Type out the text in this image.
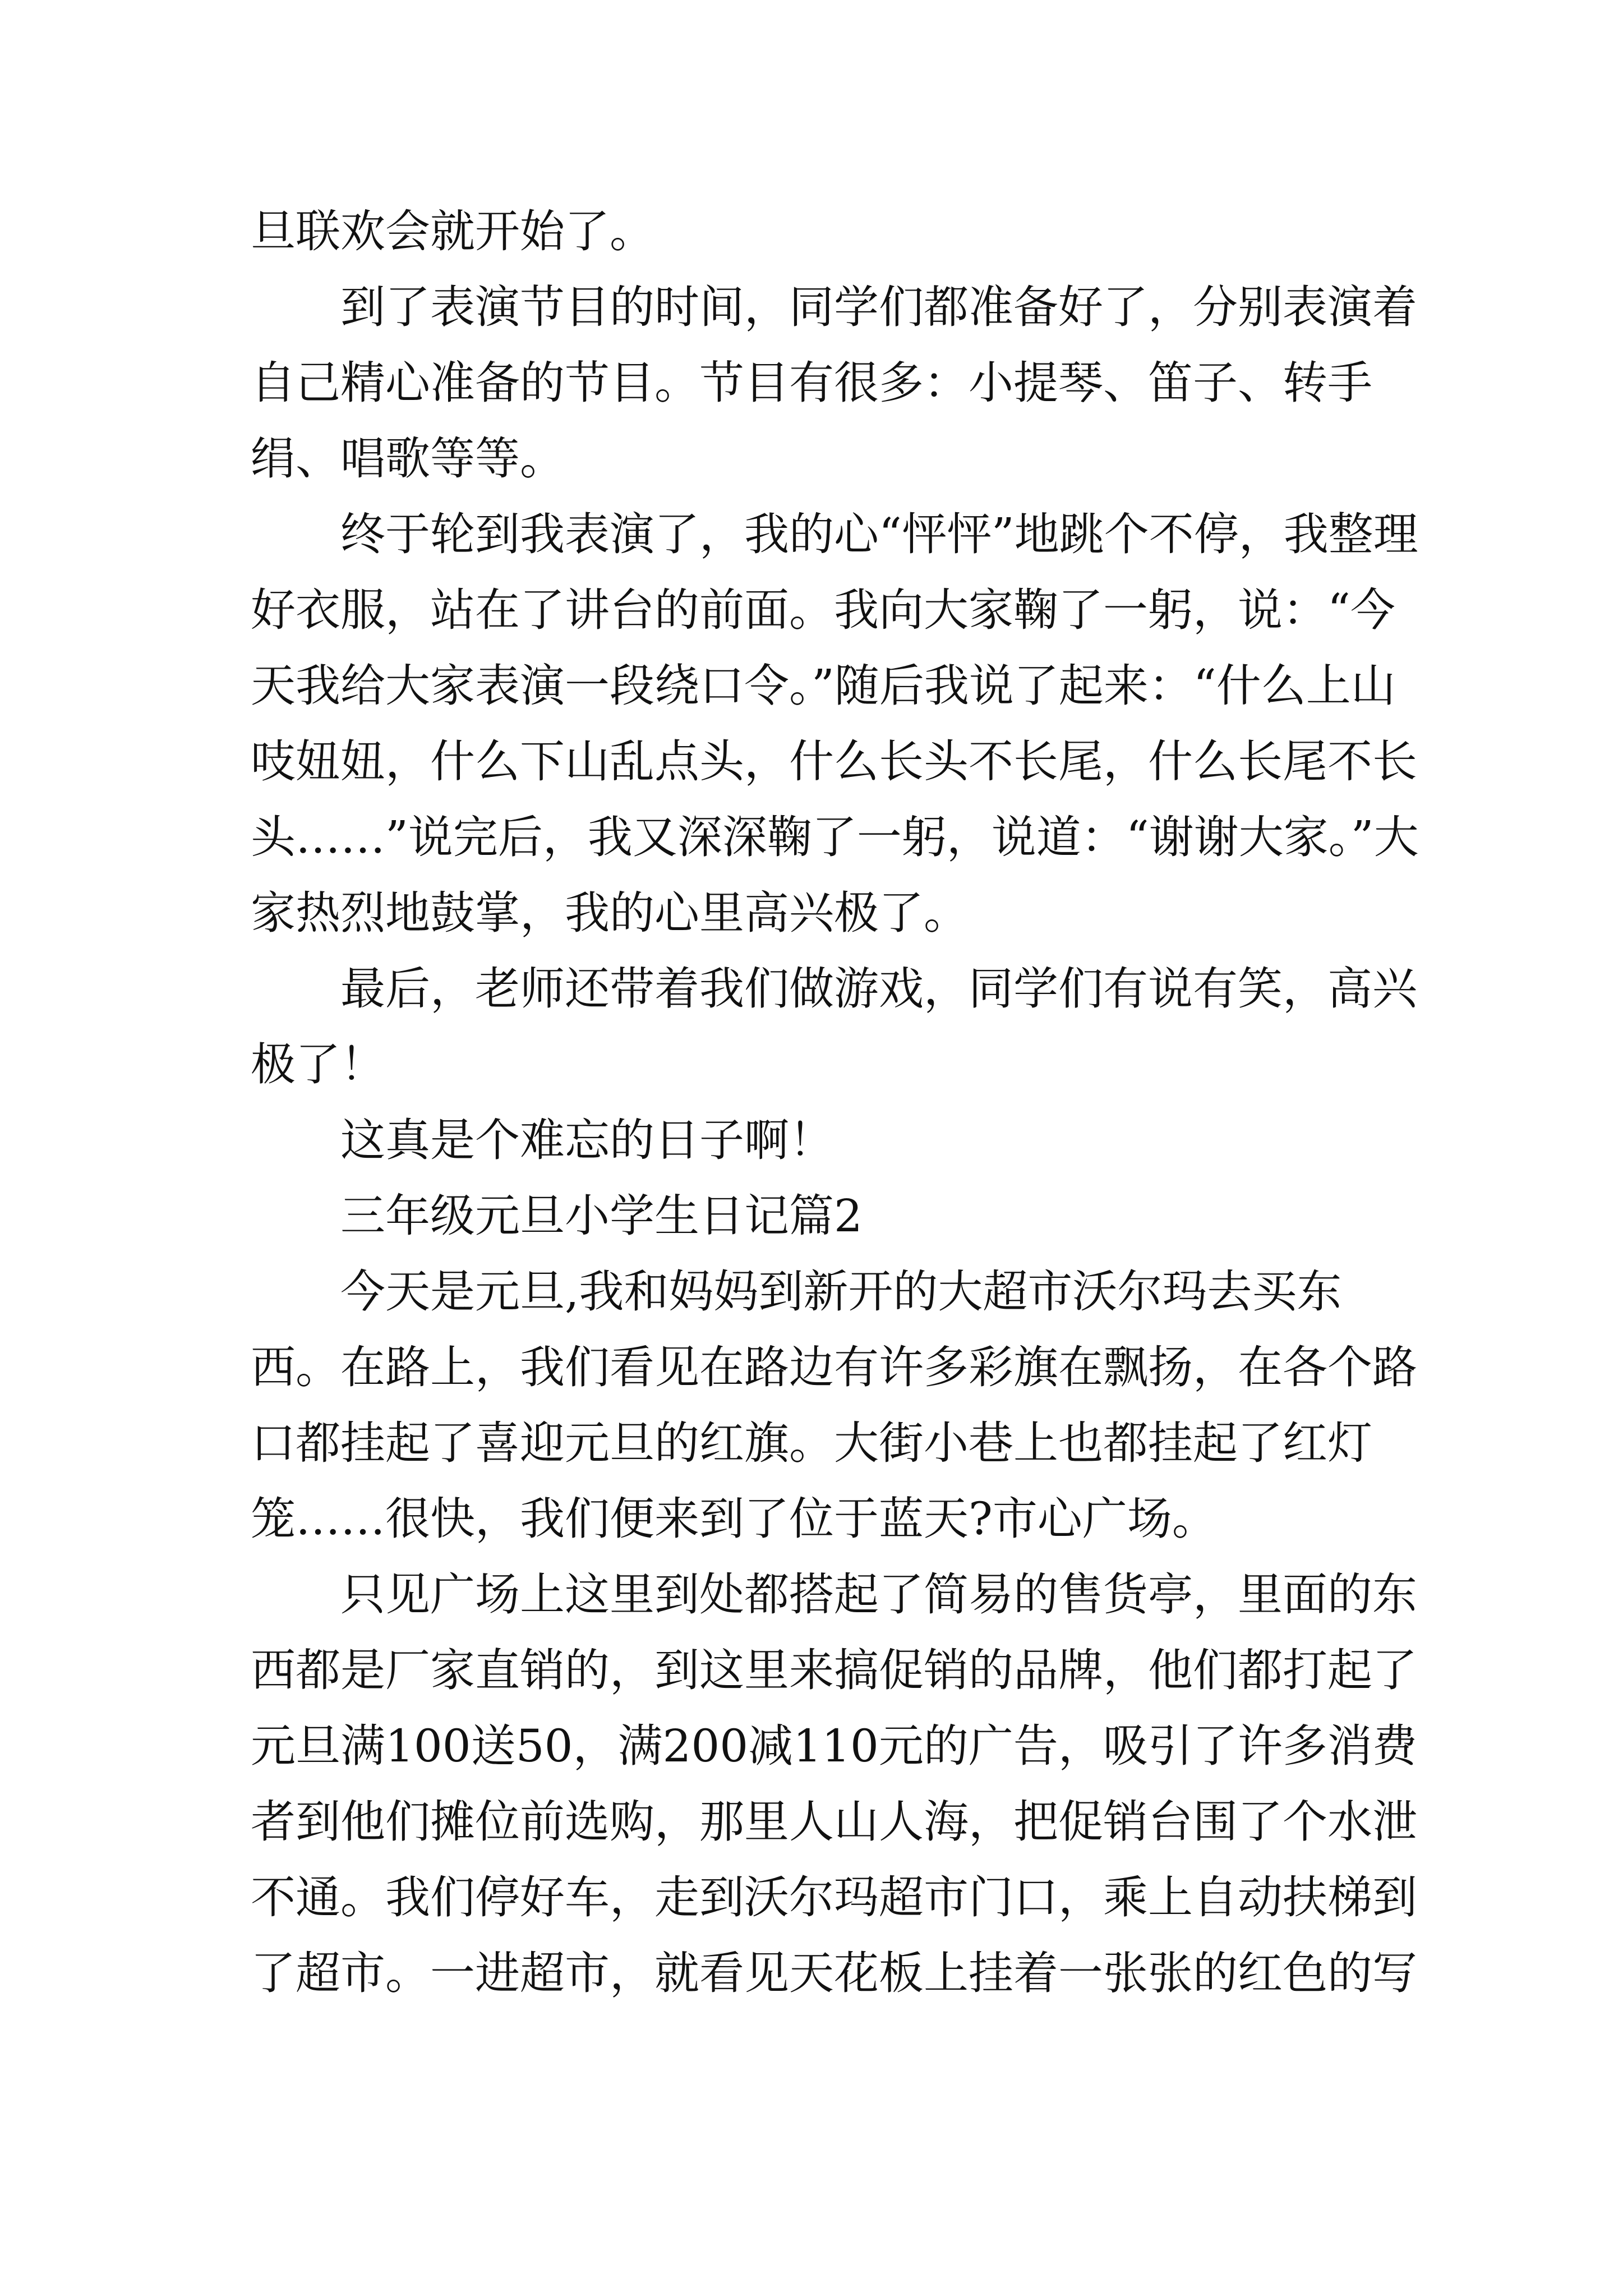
旦联欢会就开始了。

到了表演节目的时间，同学们都准备好了，分别表演着自己精心准备的节目。节目有很多：小提琴、笛子、转手绢、唱歌等等。

终于轮到我表演了，我的心“怦怦”地跳个不停，我整理好衣服，站在了讲台的前面。我向大家鞠了一躬，说：“今天我给大家表演一段绕口令。”随后我说了起来：“什么上山吱妞妞，什么下山乱点头，什么长头不长尾，什么长尾不长头……”说完后，我又深深鞠了一躬，说道：“谢谢大家。”大家热烈地鼓掌，我的心里高兴极了。

最后，老师还带着我们做游戏，同学们有说有笑，高兴极了！

这真是个难忘的日子啊！

三年级元旦小学生日记篇2

今天是元旦,我和妈妈到新开的大超市沃尔玛去买东西。在路上，我们看见在路边有许多彩旗在飘扬，在各个路口都挂起了喜迎元旦的红旗。大街小巷上也都挂起了红灯笼……很快，我们便来到了位于蓝天?市心广场。

只见广场上这里到处都搭起了简易的售货亭，里面的东西都是厂家直销的，到这里来搞促销的品牌，他们都打起了元旦满100送50，满200减110元的广告，吸引了许多消费者到他们摊位前选购，那里人山人海，把促销台围了个水泄不通。我们停好车，走到沃尔玛超市门口，乘上自动扶梯到了超市。一进超市，就看见天花板上挂着一张张的红色的写
